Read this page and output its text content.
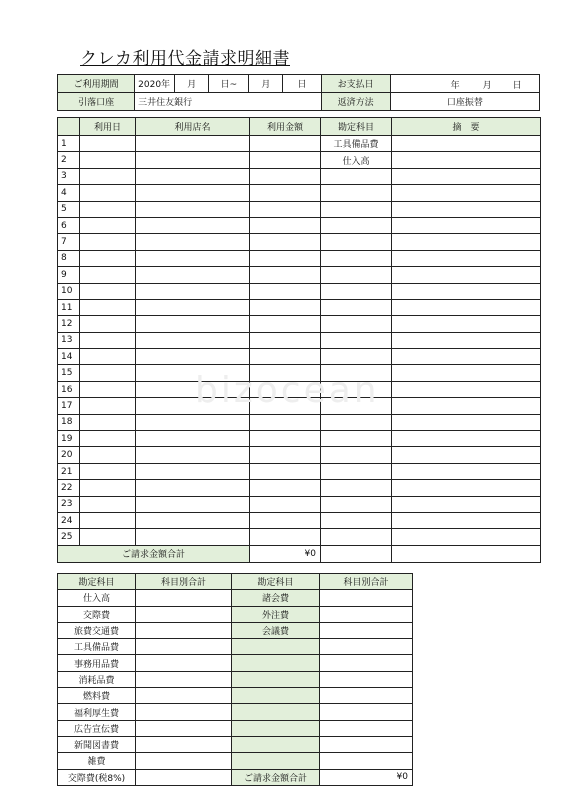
クレカ利用代金請求明細書
ご利用期間	2020年	月	日~	月	日	お支払日	年 月 日

引落口座	三井住友銀行					返済方法	口座振替
	利用日	利用店名	利用金額	勘定科目	摘　要
1				工具備品費	
2				仕入高	
3					
4					
5					
6					
7					
8					
9					
10					
11					
12					
13					
14					
15					
16					
17					
18					
19					
20					
21					
22					
23					
24					
25					
ご請求金額合計			¥0		
勘定科目	科目別合計	勘定科目	科目別合計
仕入高		諸会費	
交際費		外注費	
旅費交通費		会議費	
工具備品費			
事務用品費			
消耗品費			
燃料費			
福利厚生費			
広告宣伝費			
新聞図書費			
雑費			
交際費(税8%)		ご請求金額合計	¥0
bizocean
